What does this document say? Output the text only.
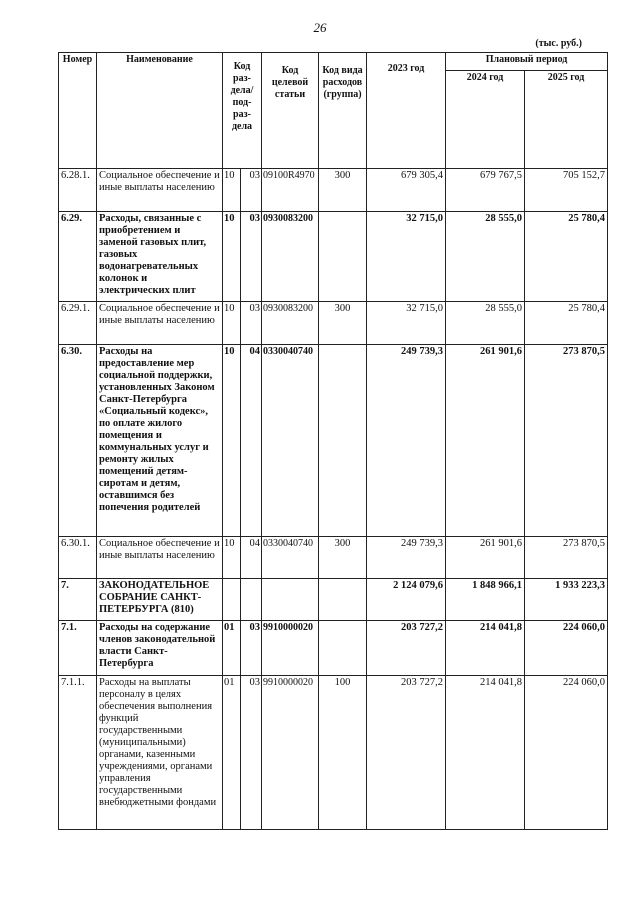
26
(тыс. руб.)
Номер	Наименование	Код раз-дела/ под-раз-дела		Код целевой статьи	Код вида расходов (группа)	2023 год	Плановый период	
							2024 год	2025 год
6.28.1.	Социальное обеспечение и иные выплаты населению	10	03	09100R4970	300	679 305,4	679 767,5	705 152,7
6.29.	Расходы, связанные с приобретением и заменой газовых плит, газовых водонагревательных колонок и электрических плит	10	03	0930083200		32 715,0	28 555,0	25 780,4
6.29.1.	Социальное обеспечение и иные выплаты населению	10	03	0930083200	300	32 715,0	28 555,0	25 780,4
6.30.	Расходы на предоставление мер социальной поддержки, установленных Законом Санкт-Петербурга «Социальный кодекс», по оплате жилого помещения и коммунальных услуг и ремонту жилых помещений детям-сиротам и детям, оставшимся без попечения родителей	10	04	0330040740		249 739,3	261 901,6	273 870,5
6.30.1.	Социальное обеспечение и иные выплаты населению	10	04	0330040740	300	249 739,3	261 901,6	273 870,5
7.	ЗАКОНОДАТЕЛЬНОЕ СОБРАНИЕ САНКТ-ПЕТЕРБУРГА (810)					2 124 079,6	1 848 966,1	1 933 223,3
7.1.	Расходы на содержание членов законодательной власти Санкт-Петербурга	01	03	9910000020		203 727,2	214 041,8	224 060,0
7.1.1.	Расходы на выплаты персоналу в целях обеспечения выполнения функций государственными (муниципальными) органами, казенными учреждениями, органами управления государственными внебюджетными фондами	01	03	9910000020	100	203 727,2	214 041,8	224 060,0
